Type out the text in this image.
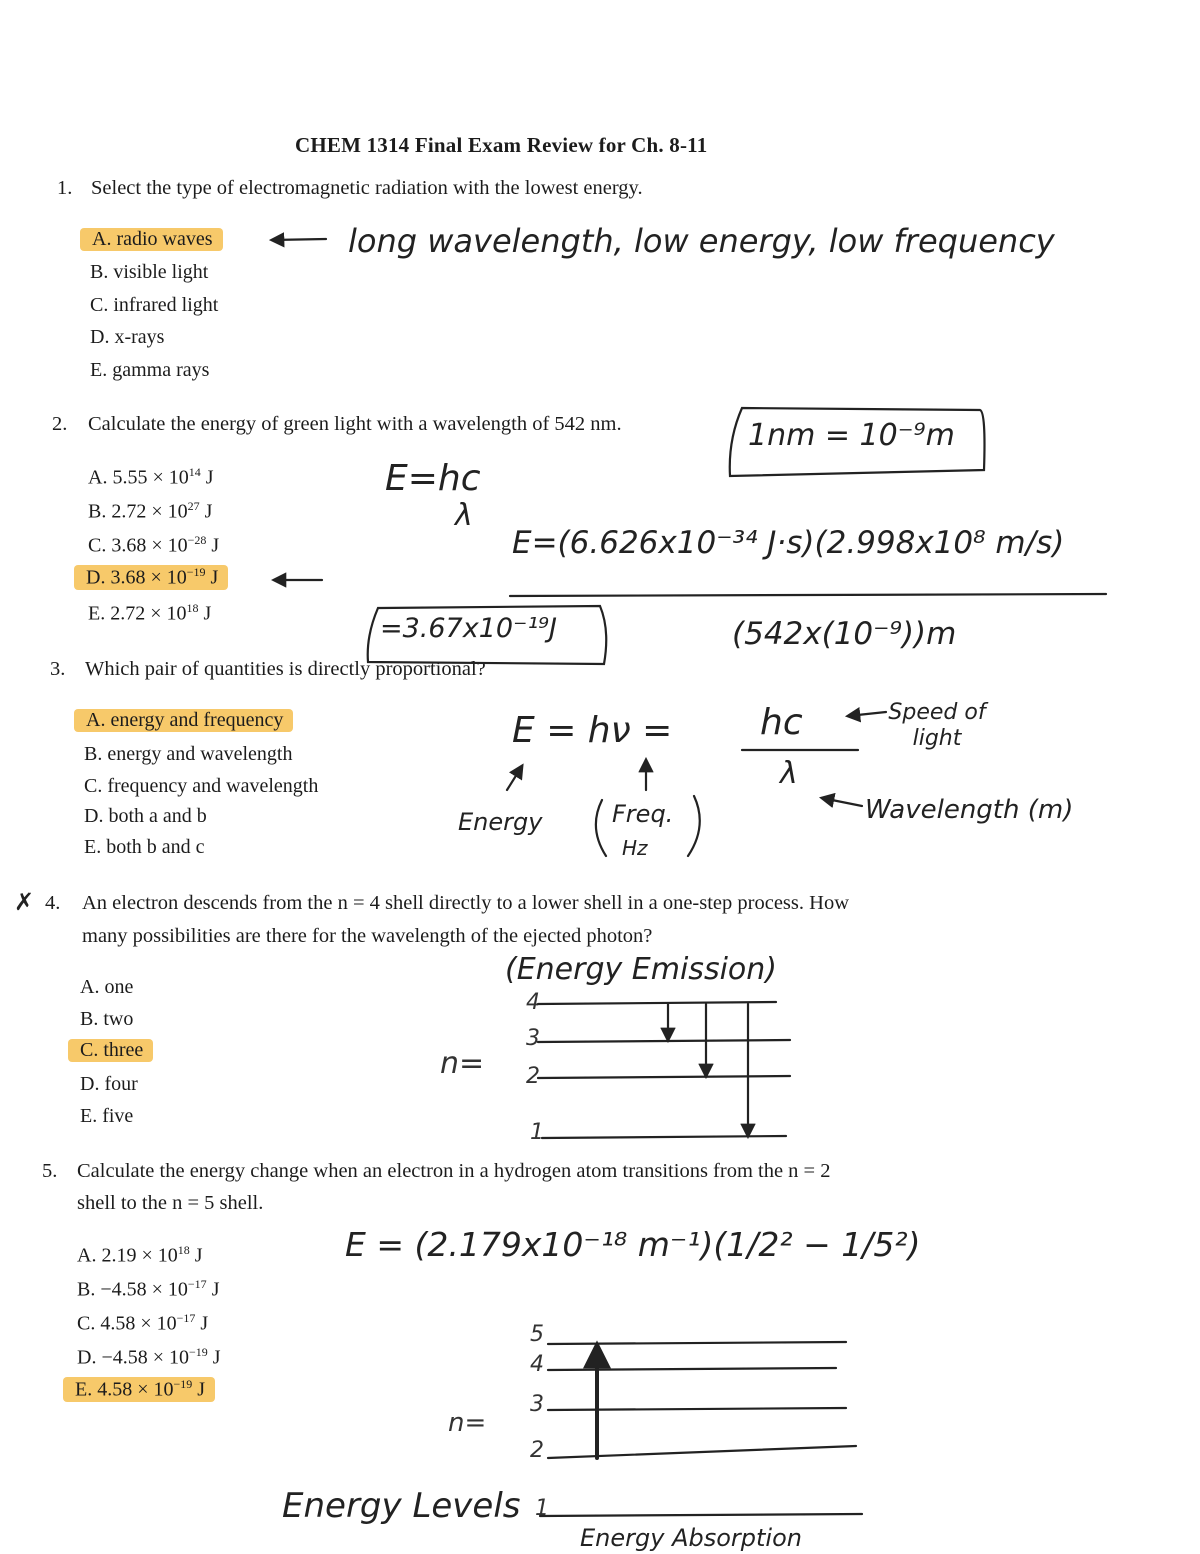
CHEM 1314 Final Exam Review for Ch. 8-11
1. Select the type of electromagnetic radiation with the lowest energy.
A. radio waves
B. visible light
C. infrared light
D. x-rays
E. gamma rays
long wavelength, low energy, low frequency
2. Calculate the energy of green light with a wavelength of 542 nm.
A. $5.55 \times 10^{14}$ J
B. $2.72 \times 10^{27}$ J
C. $3.68 \times 10^{-28}$ J
D. $3.68 \times 10^{-19}$ J
E. $2.72 \times 10^{18}$ J
1nm = 10⁻⁹m
E=hc
λ
E=(6.626x10⁻³⁴ J·s)(2.998x10⁸ m/s)
(542x(10⁻⁹))m
=3.67x10⁻¹⁹J
3. Which pair of quantities is directly proportional?
A. energy and frequency
B. energy and wavelength
C. frequency and wavelength
D. both a and b
E. both b and c
E = hν = hc
λ
Speed of light
Energy	Freq.
Hz
Wavelength (m)
✗ 4. An electron descends from the n = 4 shell directly to a lower shell in a one-step process. How
many possibilities are there for the wavelength of the ejected photon?
A. one
B. two
C. three
D. four
E. five
(Energy Emission)
n=
4
3
2
1
5. Calculate the energy change when an electron in a hydrogen atom transitions from the n = 2
shell to the n = 5 shell.
A. $2.19 \times 10^{18}$ J
B. $-4.58 \times 10^{-17}$ J
C. $4.58 \times 10^{-17}$ J
D. $-4.58 \times 10^{-19}$ J
E. $4.58 \times 10^{-19}$ J
E = (2.179x10⁻¹⁸ m⁻¹)(1/2² − 1/5²)
n=
5
4
3
2
1
Energy Levels
Energy Absorption
